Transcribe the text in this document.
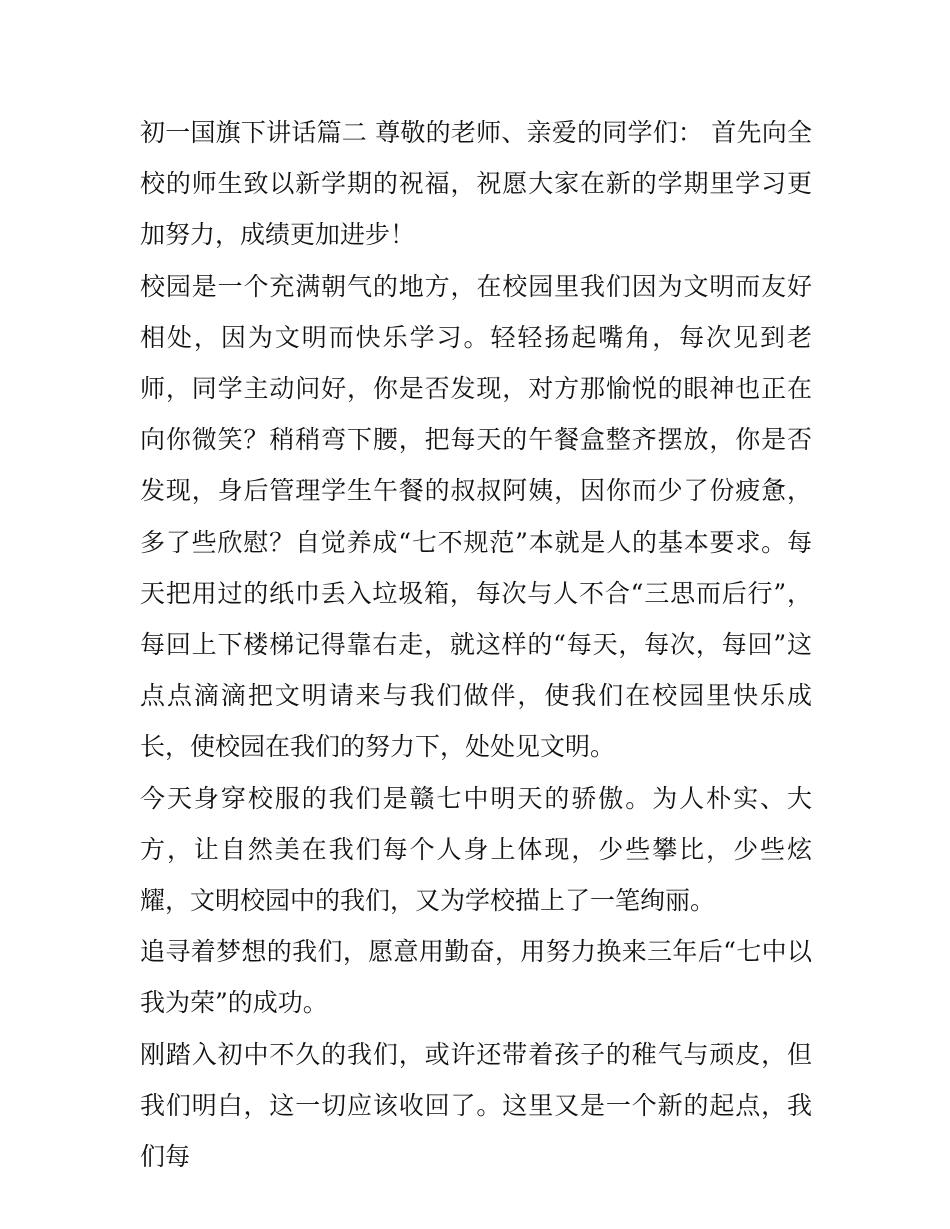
初一国旗下讲话篇二 尊敬的老师、亲爱的同学们： 首先向全校的师生致以新学期的祝福，祝愿大家在新的学期里学习更加努力，成绩更加进步！

校园是一个充满朝气的地方，在校园里我们因为文明而友好相处，因为文明而快乐学习。轻轻扬起嘴角，每次见到老师，同学主动问好，你是否发现，对方那愉悦的眼神也正在向你微笑？稍稍弯下腰，把每天的午餐盒整齐摆放，你是否发现，身后管理学生午餐的叔叔阿姨，因你而少了份疲惫，多了些欣慰？自觉养成“七不规范”本就是人的基本要求。每天把用过的纸巾丢入垃圾箱，每次与人不合“三思而后行”，每回上下楼梯记得靠右走，就这样的“每天，每次，每回”这点点滴滴把文明请来与我们做伴，使我们在校园里快乐成长，使校园在我们的努力下，处处见文明。

今天身穿校服的我们是赣七中明天的骄傲。为人朴实、大方，让自然美在我们每个人身上体现，少些攀比，少些炫耀，文明校园中的我们，又为学校描上了一笔绚丽。

追寻着梦想的我们，愿意用勤奋，用努力换来三年后“七中以我为荣”的成功。

刚踏入初中不久的我们，或许还带着孩子的稚气与顽皮，但我们明白，这一切应该收回了。这里又是一个新的起点，我们每
